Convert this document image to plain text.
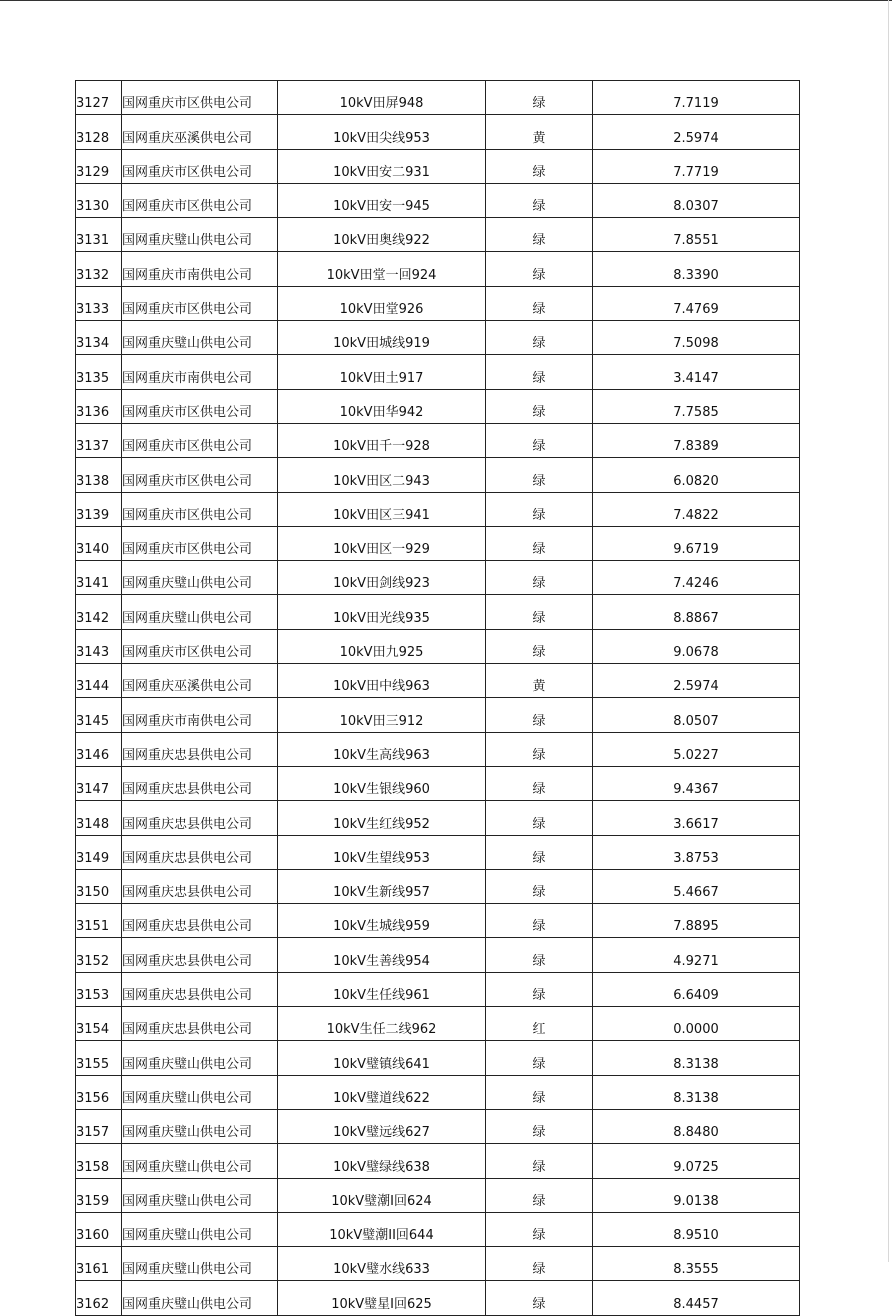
3127	国网重庆市区供电公司	10kV田屏948	绿	7.7119
3128	国网重庆巫溪供电公司	10kV田尖线953	黄	2.5974
3129	国网重庆市区供电公司	10kV田安二931	绿	7.7719
3130	国网重庆市区供电公司	10kV田安一945	绿	8.0307
3131	国网重庆璧山供电公司	10kV田奥线922	绿	7.8551
3132	国网重庆市南供电公司	10kV田堂一回924	绿	8.3390
3133	国网重庆市区供电公司	10kV田堂926	绿	7.4769
3134	国网重庆璧山供电公司	10kV田城线919	绿	7.5098
3135	国网重庆市南供电公司	10kV田土917	绿	3.4147
3136	国网重庆市区供电公司	10kV田华942	绿	7.7585
3137	国网重庆市区供电公司	10kV田千一928	绿	7.8389
3138	国网重庆市区供电公司	10kV田区二943	绿	6.0820
3139	国网重庆市区供电公司	10kV田区三941	绿	7.4822
3140	国网重庆市区供电公司	10kV田区一929	绿	9.6719
3141	国网重庆璧山供电公司	10kV田剑线923	绿	7.4246
3142	国网重庆璧山供电公司	10kV田光线935	绿	8.8867
3143	国网重庆市区供电公司	10kV田九925	绿	9.0678
3144	国网重庆巫溪供电公司	10kV田中线963	黄	2.5974
3145	国网重庆市南供电公司	10kV田三912	绿	8.0507
3146	国网重庆忠县供电公司	10kV生高线963	绿	5.0227
3147	国网重庆忠县供电公司	10kV生银线960	绿	9.4367
3148	国网重庆忠县供电公司	10kV生红线952	绿	3.6617
3149	国网重庆忠县供电公司	10kV生望线953	绿	3.8753
3150	国网重庆忠县供电公司	10kV生新线957	绿	5.4667
3151	国网重庆忠县供电公司	10kV生城线959	绿	7.8895
3152	国网重庆忠县供电公司	10kV生善线954	绿	4.9271
3153	国网重庆忠县供电公司	10kV生任线961	绿	6.6409
3154	国网重庆忠县供电公司	10kV生任二线962	红	0.0000
3155	国网重庆璧山供电公司	10kV璧镇线641	绿	8.3138
3156	国网重庆璧山供电公司	10kV璧道线622	绿	8.3138
3157	国网重庆璧山供电公司	10kV璧远线627	绿	8.8480
3158	国网重庆璧山供电公司	10kV璧绿线638	绿	9.0725
3159	国网重庆璧山供电公司	10kV璧潮I回624	绿	9.0138
3160	国网重庆璧山供电公司	10kV璧潮II回644	绿	8.9510
3161	国网重庆璧山供电公司	10kV璧水线633	绿	8.3555
3162	国网重庆璧山供电公司	10kV璧星I回625	绿	8.4457
